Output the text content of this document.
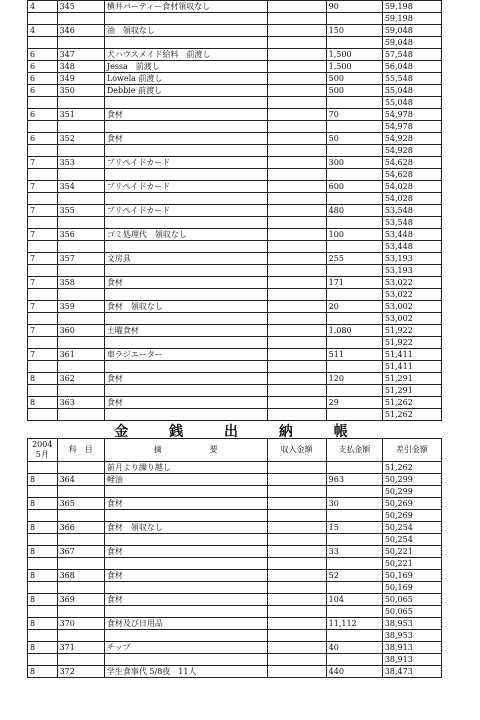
4	345	横井パーティー食材領収なし		90	59,198
					59,198
4	346	油　領収なし		150	59,048
					59,048
6	347	犬ハウスメイド給料　前渡し		1,500	57,548
6	348	Jessa　前渡し		1,500	56,048
6	349	Lowela 前渡し		500	55,548
6	350	Debbie 前渡し		500	55,048
					55,048
6	351	食材		70	54,978
					54,978
6	352	食材		50	54,928
					54,928
7	353	プリペイドカード		300	54,628
					54,628
7	354	プリペイドカード		600	54,028
					54,028
7	355	プリペイドカード		480	53,548
					53,548
7	356	ゴミ処理代　領収なし		100	53,448
					53,448
7	357	文房具		255	53,193
					53,193
7	358	食材		171	53,022
					53,022
7	359	食材　領収なし		20	53,002
					53,002
7	360	土曜食材		1,080	51,922
					51,922
7	361	車ラジエーター		511	51,411
					51,411
8	362	食材		120	51,291
					51,291
8	363	食材		29	51,262
					51,262
金 銭 出 納 帳
2004
5月	科　目	摘　　　　　　要	収入金額	支払金額	差引金額
		前月より繰り越し			51,262
8	364	軽油		963	50,299
					50,299
8	365	食材		30	50,269
					50,269
8	366	食材　領収なし		15	50,254
					50,254
8	367	食材		33	50,221
					50,221
8	368	食材		52	50,169
					50,169
8	369	食材		104	50,065
					50,065
8	370	食材及び日用品		11,112	38,953
					38,953
8	371	チップ		40	38,913
					38,913
8	372	学生食事代 5/8夜　11人		440	38,473
